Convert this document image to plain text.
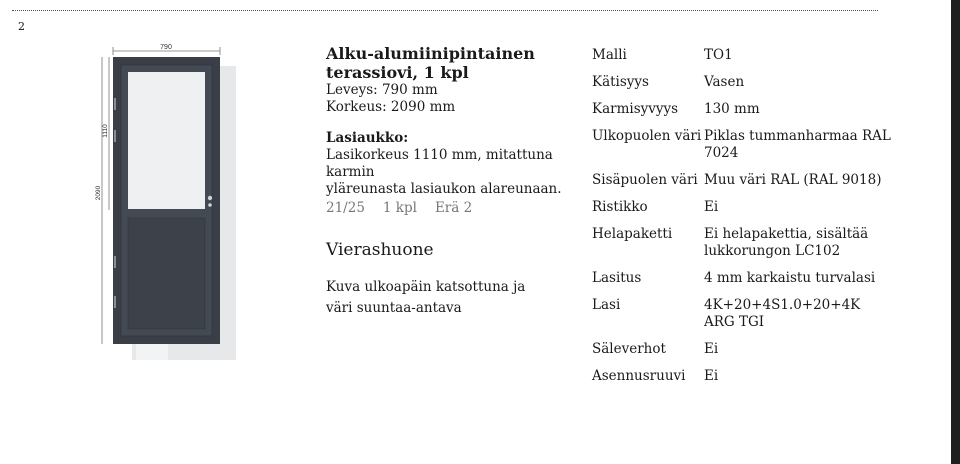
2
790
2090
1110

Alku-alumiinipintainen terassiovi, 1 kpl

Leveys: 790 mm
Korkeus: 2090 mm
Lasiaukko:
Lasikorkeus 1110 mm, mitattuna
karmin
yläreunasta lasiaukon alareunaan.
21/25 1 kpl Erä 2
Vierashuone
Kuva ulkoapäin katsottuna ja väri suuntaa-antava
Malli	TO1
Kätisyys	Vasen
Karmisyvyys	130 mm
Ulkopuolen väri	Piklas tummanharmaa RAL 7024
Sisäpuolen väri	Muu väri RAL (RAL 9018)
Ristikko	Ei
Helapaketti	Ei helapakettia, sisältää lukkorungon LC102
Lasitus	4 mm karkaistu turvalasi
Lasi	4K+20+4S1.0+20+4K ARG TGI
Säleverhot	Ei
Asennusruuvi	Ei
